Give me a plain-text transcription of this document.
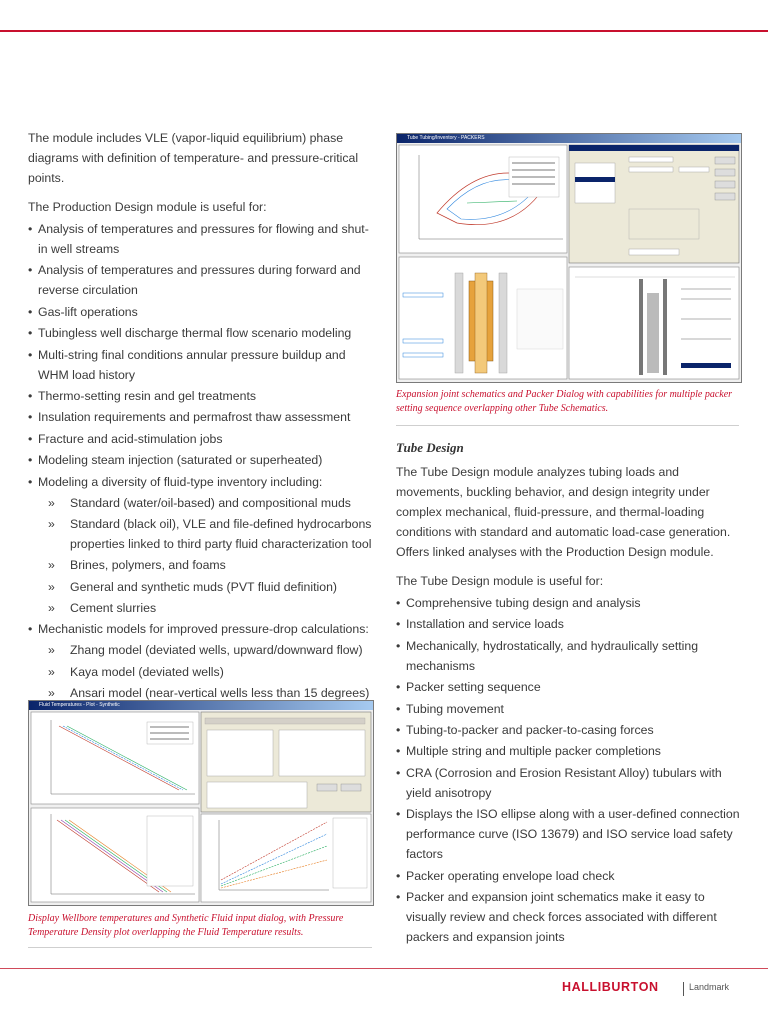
The module includes VLE (vapor-liquid equilibrium) phase diagrams with definition of temperature- and pressure-critical points.

The Production Design module is useful for:

• Analysis of temperatures and pressures for flowing and shut-in well streams
• Analysis of temperatures and pressures during forward and reverse circulation
• Gas-lift operations
• Tubingless well discharge thermal flow scenario modeling
• Multi-string final conditions annular pressure buildup and WHM load history
• Thermo-setting resin and gel treatments
• Insulation requirements and permafrost thaw assessment
• Fracture and acid-stimulation jobs
• Modeling steam injection (saturated or superheated)
• Modeling a diversity of fluid-type inventory including:
» Standard (water/oil-based) and compositional muds
» Standard (black oil), VLE and file-defined hydrocarbons properties linked to third party fluid characterization tool
» Brines, polymers, and foams
» General and synthetic muds (PVT fluid definition)
» Cement slurries
• Mechanistic models for improved pressure-drop calculations:
» Zhang model (deviated wells, upward/downward flow)
» Kaya model (deviated wells)
» Ansari model (near-vertical wells less than 15 degrees)
Tube Tubing/Inventory - PACKERS

Expansion joint schematics and Packer Dialog with capabilities for multiple packer setting sequence overlapping other Tube Schematics.

Tube Design

The Tube Design module analyzes tubing loads and movements, buckling behavior, and design integrity under complex mechanical, fluid-pressure, and thermal-loading conditions with standard and automatic load-case generation. Offers linked analyses with the Production Design module.

The Tube Design module is useful for:

• Comprehensive tubing design and analysis
• Installation and service loads
• Mechanically, hydrostatically, and hydraulically setting mechanisms
• Packer setting sequence
• Tubing movement
• Tubing-to-packer and packer-to-casing forces
• Multiple string and multiple packer completions
• CRA (Corrosion and Erosion Resistant Alloy) tubulars with yield anisotropy
• Displays the ISO ellipse along with a user-defined connection performance curve (ISO 13679) and ISO service load safety factors
• Packer operating envelope load check
• Packer and expansion joint schematics make it easy to visually review and check forces associated with different packers and expansion joints
Fluid Temperatures - Plot - Synthetic

Display Wellbore temperatures and Synthetic Fluid input dialog, with Pressure Temperature Density plot overlapping the Fluid Temperature results.

HALLIBURTON	Landmark
